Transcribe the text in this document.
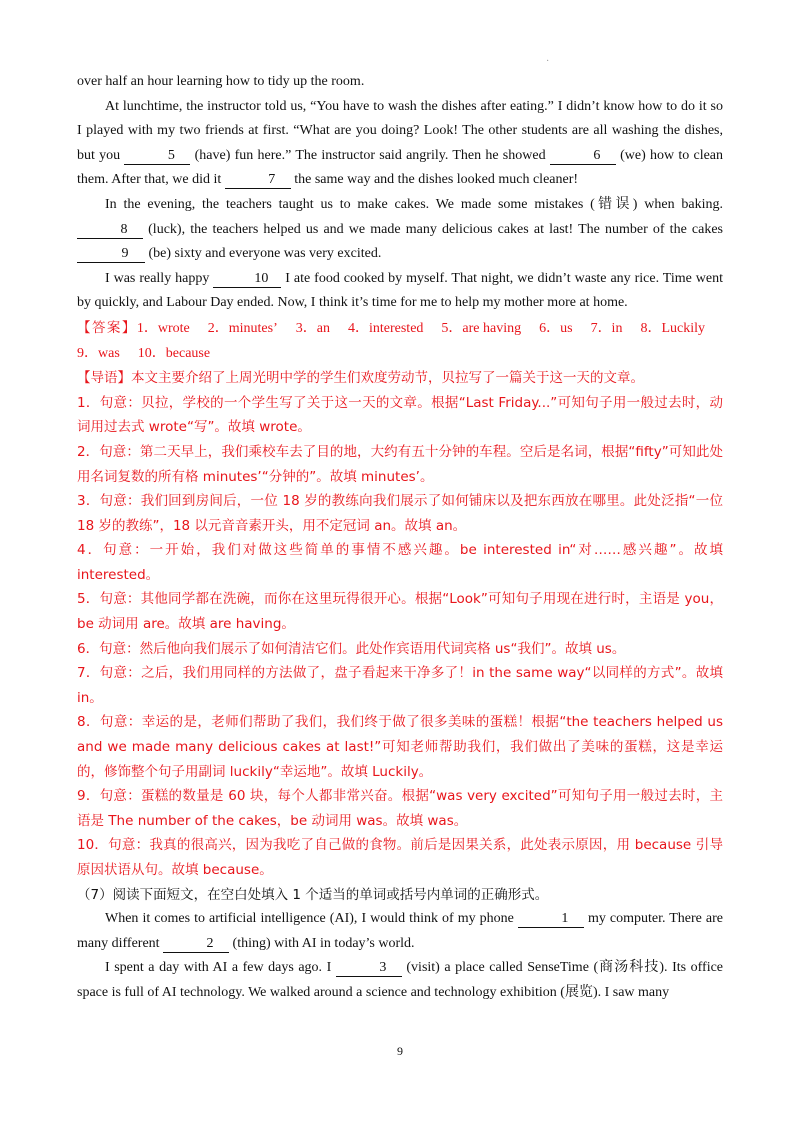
·

over half an hour learning how to tidy up the room.

At lunchtime, the instructor told us, “You have to wash the dishes after eating.” I didn’t know how to do it so I played with my two friends at first. “What are you doing? Look! The other students are all washing the dishes, but you	5 (have) fun here.” The instructor said angrily. Then he showed	6 (we) how to clean them. After that, we did it	7 the same way and the dishes looked much cleaner!

In the evening, the teachers taught us to make cakes. We made some mistakes (错误) when baking. 8 (luck), the teachers helped us and we made many delicious cakes at last! The number of the cakes 9 (be) sixty and everyone was very excited.

I was really happy	10 I ate food cooked by myself. That night, we didn’t waste any rice. Time went by quickly, and Labour Day ended. Now, I think it’s time for me to help my mother more at home.

【答案】1．wrote 2．minutes’ 3．an 4．interested 5．are having 6．us 7．in 8．Luckily9．was 10．because

【导语】本文主要介绍了上周光明中学的学生们欢度劳动节，贝拉写了一篇关于这一天的文章。

1．句意：贝拉，学校的一个学生写了关于这一天的文章。根据“Last Friday...”可知句子用一般过去时，动词用过去式 wrote“写”。故填 wrote。

2．句意：第二天早上，我们乘校车去了目的地，大约有五十分钟的车程。空后是名词，根据“fifty”可知此处用名词复数的所有格 minutes’“分钟的”。故填 minutes’。

3．句意：我们回到房间后，一位 18 岁的教练向我们展示了如何铺床以及把东西放在哪里。此处泛指“一位 18 岁的教练”，18 以元音音素开头，用不定冠词 an。故填 an。

4．句意：一开始，我们对做这些简单的事情不感兴趣。be interested in“对……感兴趣”。故填 interested。

5．句意：其他同学都在洗碗，而你在这里玩得很开心。根据“Look”可知句子用现在进行时，主语是 you，be 动词用 are。故填 are having。

6．句意：然后他向我们展示了如何清洁它们。此处作宾语用代词宾格 us“我们”。故填 us。

7．句意：之后，我们用同样的方法做了，盘子看起来干净多了！in the same way“以同样的方式”。故填 in。

8．句意：幸运的是，老师们帮助了我们，我们终于做了很多美味的蛋糕！根据“the teachers helped us and we made many delicious cakes at last!”可知老师帮助我们，我们做出了美味的蛋糕，这是幸运的，修饰整个句子用副词 luckily“幸运地”。故填 Luckily。

9．句意：蛋糕的数量是 60 块，每个人都非常兴奋。根据“was very excited”可知句子用一般过去时，主语是 The number of the cakes，be 动词用 was。故填 was。

10．句意：我真的很高兴，因为我吃了自己做的食物。前后是因果关系，此处表示原因，用 because 引导原因状语从句。故填 because。

（7）阅读下面短文，在空白处填入 1 个适当的单词或括号内单词的正确形式。

When it comes to artificial intelligence (AI), I would think of my phone	1 my computer. There are many different	2 (thing) with AI in today’s world.

I spent a day with AI a few days ago. I	3 (visit) a place called SenseTime (商汤科技). Its office space is full of AI technology. We walked around a science and technology exhibition (展览). I saw many

9
